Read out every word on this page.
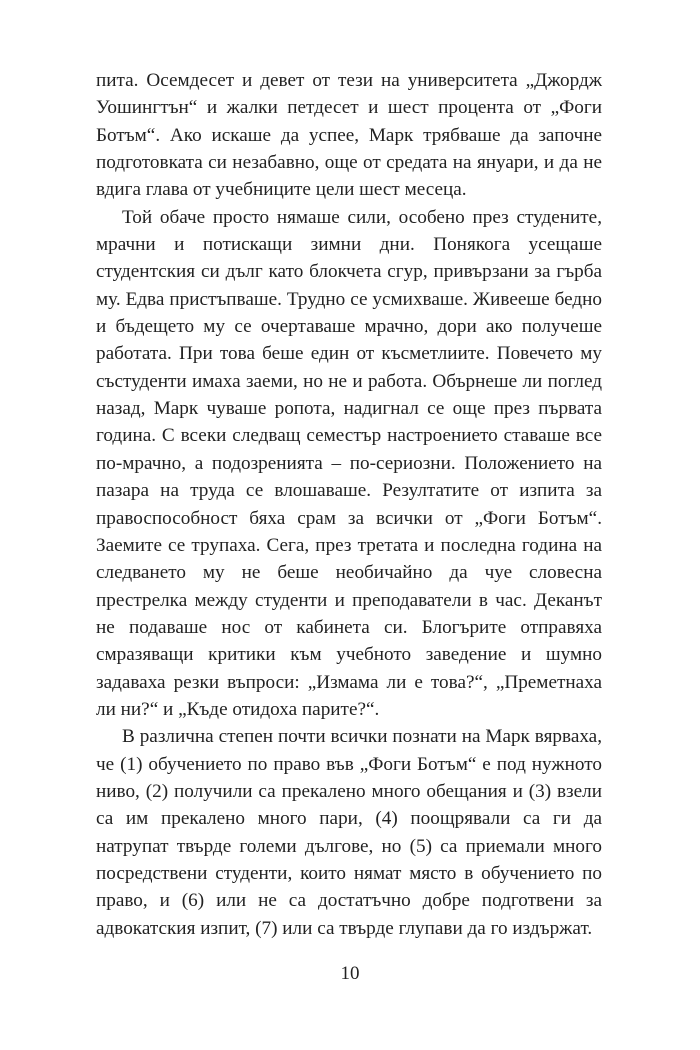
пита. Осемдесет и девет от тези на университета „Джордж Уошингтън“ и жалки петдесет и шест процента от „Фоги Ботъм“. Ако искаше да успее, Марк трябваше да започне подготовката си незабавно, още от средата на януари, и да не вдига глава от учебниците цели шест месеца.

Той обаче просто нямаше сили, особено през студените, мрачни и потискащи зимни дни. Понякога усещаше студентския си дълг като блокчета сгур, привързани за гърба му. Едва пристъпваше. Трудно се усмихваше. Живееше бедно и бъдещето му се очертаваше мрачно, дори ако получеше работата. При това беше един от късметлиите. Повечето му състуденти имаха заеми, но не и работа. Обърнеше ли поглед назад, Марк чуваше ропота, надигнал се още през първата година. С всеки следващ семестър настроението ставаше все по-мрачно, а подозренията – по-сериозни. Положението на пазара на труда се влошаваше. Резултатите от изпита за правоспособност бяха срам за всички от „Фоги Ботъм“. Заемите се трупаха. Сега, през третата и последна година на следването му не беше необичайно да чуе словесна престрелка между студенти и преподаватели в час. Деканът не подаваше нос от кабинета си. Блогърите отправяха смразяващи критики към учебното заведение и шумно задаваха резки въпроси: „Измама ли е това?“, „Преметнаха ли ни?“ и „Къде отидоха парите?“.

В различна степен почти всички познати на Марк вярваха, че (1) обучението по право във „Фоги Ботъм“ е под нужното ниво, (2) получили са прекалено много обещания и (3) взели са им прекалено много пари, (4) поощрявали са ги да натрупат твърде големи дългове, но (5) са приемали много посредствени студенти, които нямат място в обучението по право, и (6) или не са достатъчно добре подготвени за адвокатския изпит, (7) или са твърде глупави да го издържат.

10
